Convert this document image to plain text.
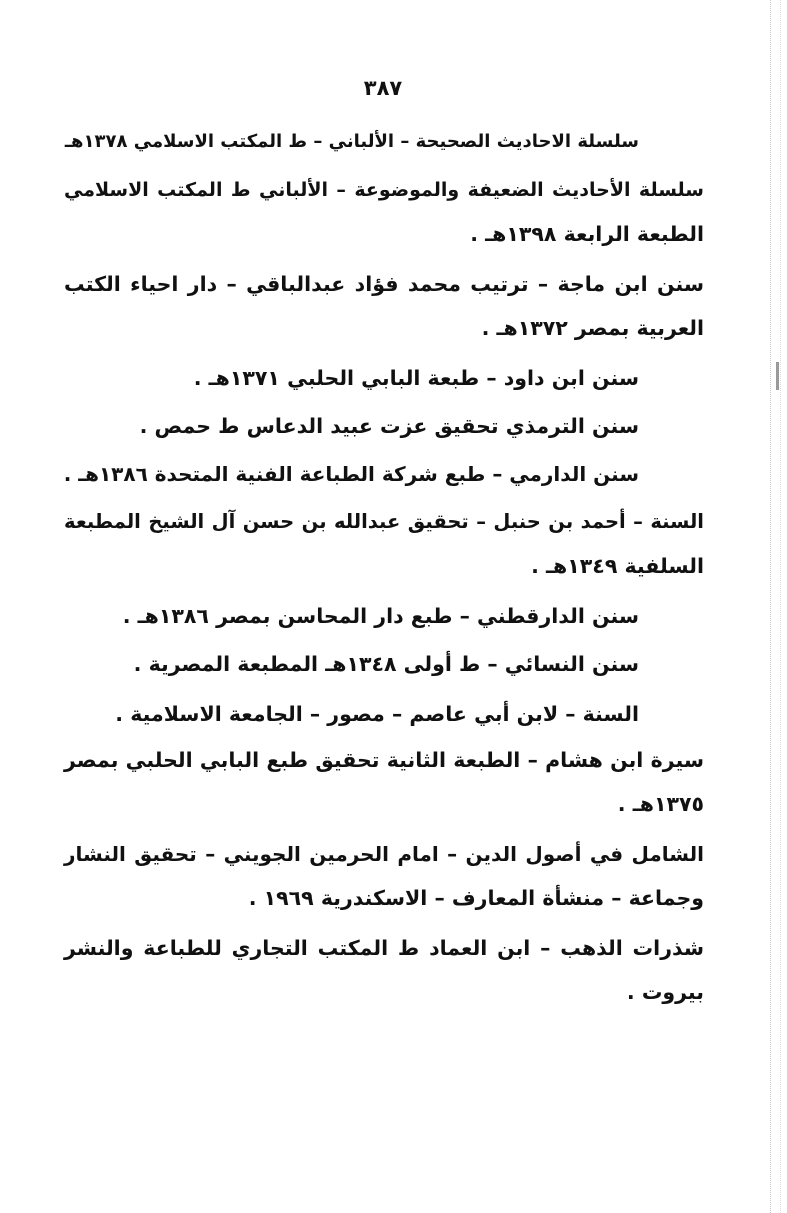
٣٨٧
سلسلة الاحاديث الصحيحة – الألباني – ط المكتب الاسلامي ١٣٧٨هـ
سلسلة الأحاديث الضعيفة والموضوعة – الألباني ط المكتب الاسلامي
الطبعة الرابعة ١٣٩٨هـ .
سنن ابن ماجة – ترتيب محمد فؤاد عبدالباقي – دار احياء الكتب
العربية بمصر ١٣٧٢هـ .
سنن ابن داود – طبعة البابي الحلبي ١٣٧١هـ .
سنن الترمذي تحقيق عزت عبيد الدعاس ط حمص .
سنن الدارمي – طبع شركة الطباعة الفنية المتحدة ١٣٨٦هـ .
السنة – أحمد بن حنبل – تحقيق عبدالله بن حسن آل الشيخ المطبعة
السلفية ١٣٤٩هـ .
سنن الدارقطني – طبع دار المحاسن بمصر ١٣٨٦هـ .
سنن النسائي – ط أولى ١٣٤٨هـ المطبعة المصرية .
السنة – لابن أبي عاصم – مصور – الجامعة الاسلامية .
سيرة ابن هشام – الطبعة الثانية تحقيق طبع البابي الحلبي بمصر
١٣٧٥هـ .
الشامل في أصول الدين – امام الحرمين الجويني – تحقيق النشار
وجماعة – منشأة المعارف – الاسكندرية ١٩٦٩ .
شذرات الذهب – ابن العماد ط المكتب التجاري للطباعة والنشر
بيروت .
